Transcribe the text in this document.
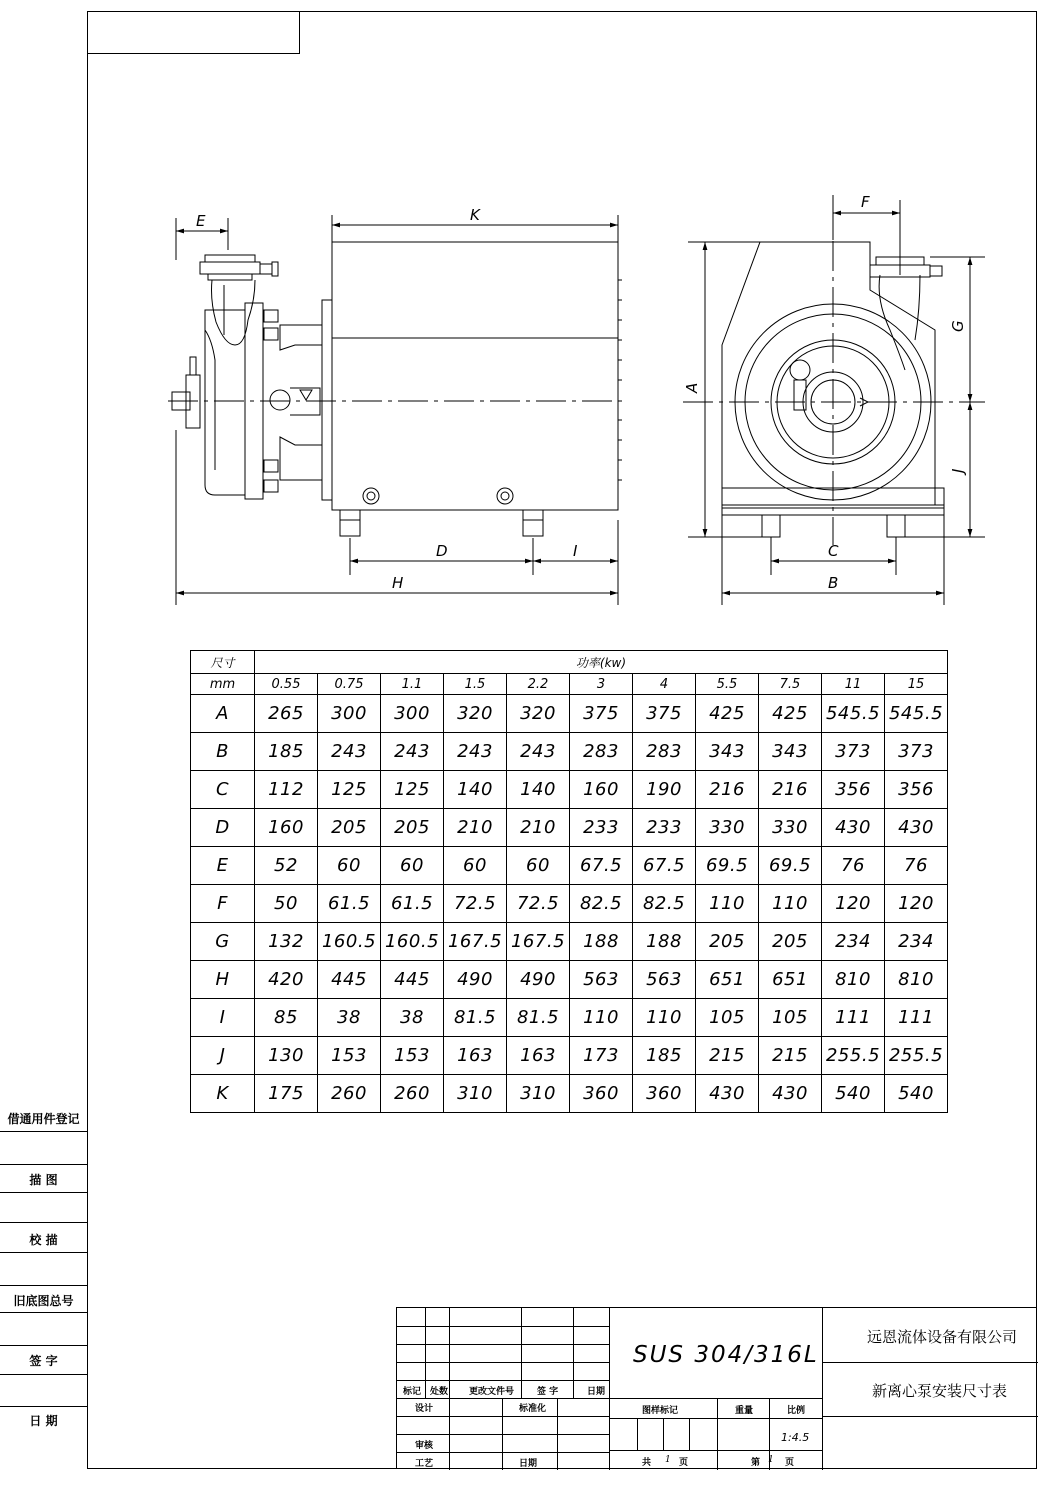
E	K
F
G
A
J
D	I
H
C
B
尺寸	功率(kw)										
mm	0.55	0.75	1.1	1.5	2.2	3	4	5.5	7.5	11	15
A	265	300	300	320	320	375	375	425	425	545.5	545.5
B	185	243	243	243	243	283	283	343	343	373	373
C	112	125	125	140	140	160	190	216	216	356	356
D	160	205	205	210	210	233	233	330	330	430	430
E	52	60	60	60	60	67.5	67.5	69.5	69.5	76	76
F	50	61.5	61.5	72.5	72.5	82.5	82.5	110	110	120	120
G	132	160.5	160.5	167.5	167.5	188	188	205	205	234	234
H	420	445	445	490	490	563	563	651	651	810	810
I	85	38	38	81.5	81.5	110	110	105	105	111	111
J	130	153	153	163	163	173	185	215	215	255.5	255.5
K	175	260	260	310	310	360	360	430	430	540	540
借通用件登记
描 图
校 描
旧底图总号
签 字
日 期
标记 处数 更改文件号	签 字	日期
设计	标准化
审核
工艺	日期
图样标记	重量	比例
1:4.5
共 1 页	第 1 页
SUS 304/316L
远恩流体设备有限公司
新离心泵安装尺寸表
